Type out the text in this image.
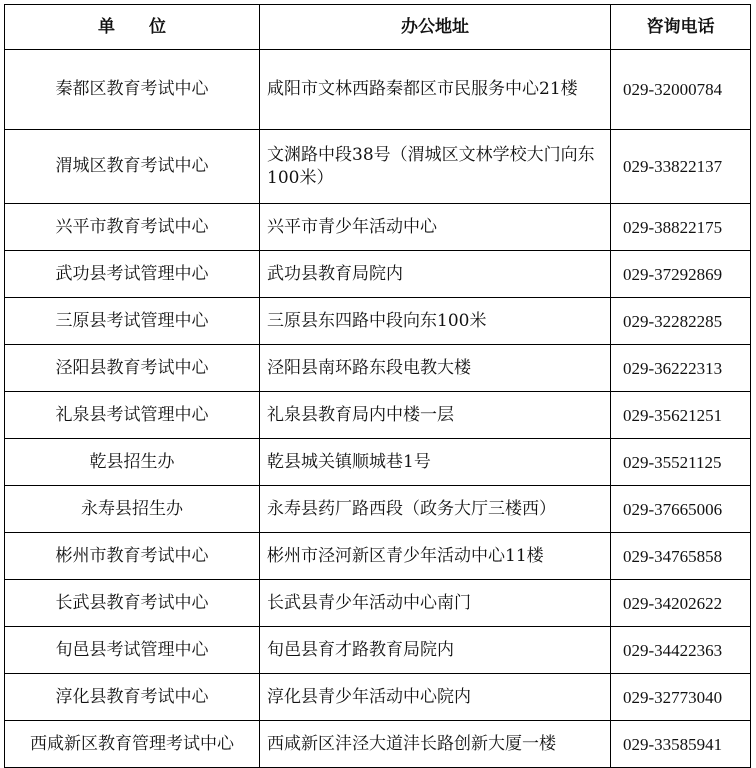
单　　位	办公地址	咨询电话
秦都区教育考试中心	咸阳市文林西路秦都区市民服务中心21楼	029-32000784
渭城区教育考试中心	文渊路中段38号（渭城区文林学校大门向东100米）	029-33822137
兴平市教育考试中心	兴平市青少年活动中心	029-38822175
武功县考试管理中心	武功县教育局院内	029-37292869
三原县考试管理中心	三原县东四路中段向东100米	029-32282285
泾阳县教育考试中心	泾阳县南环路东段电教大楼	029-36222313
礼泉县考试管理中心	礼泉县教育局内中楼一层	029-35621251
乾县招生办	乾县城关镇顺城巷1号	029-35521125
永寿县招生办	永寿县药厂路西段（政务大厅三楼西）	029-37665006
彬州市教育考试中心	彬州市泾河新区青少年活动中心11楼	029-34765858
长武县教育考试中心	长武县青少年活动中心南门	029-34202622
旬邑县考试管理中心	旬邑县育才路教育局院内	029-34422363
淳化县教育考试中心	淳化县青少年活动中心院内	029-32773040
西咸新区教育管理考试中心	西咸新区沣泾大道沣长路创新大厦一楼	029-33585941
